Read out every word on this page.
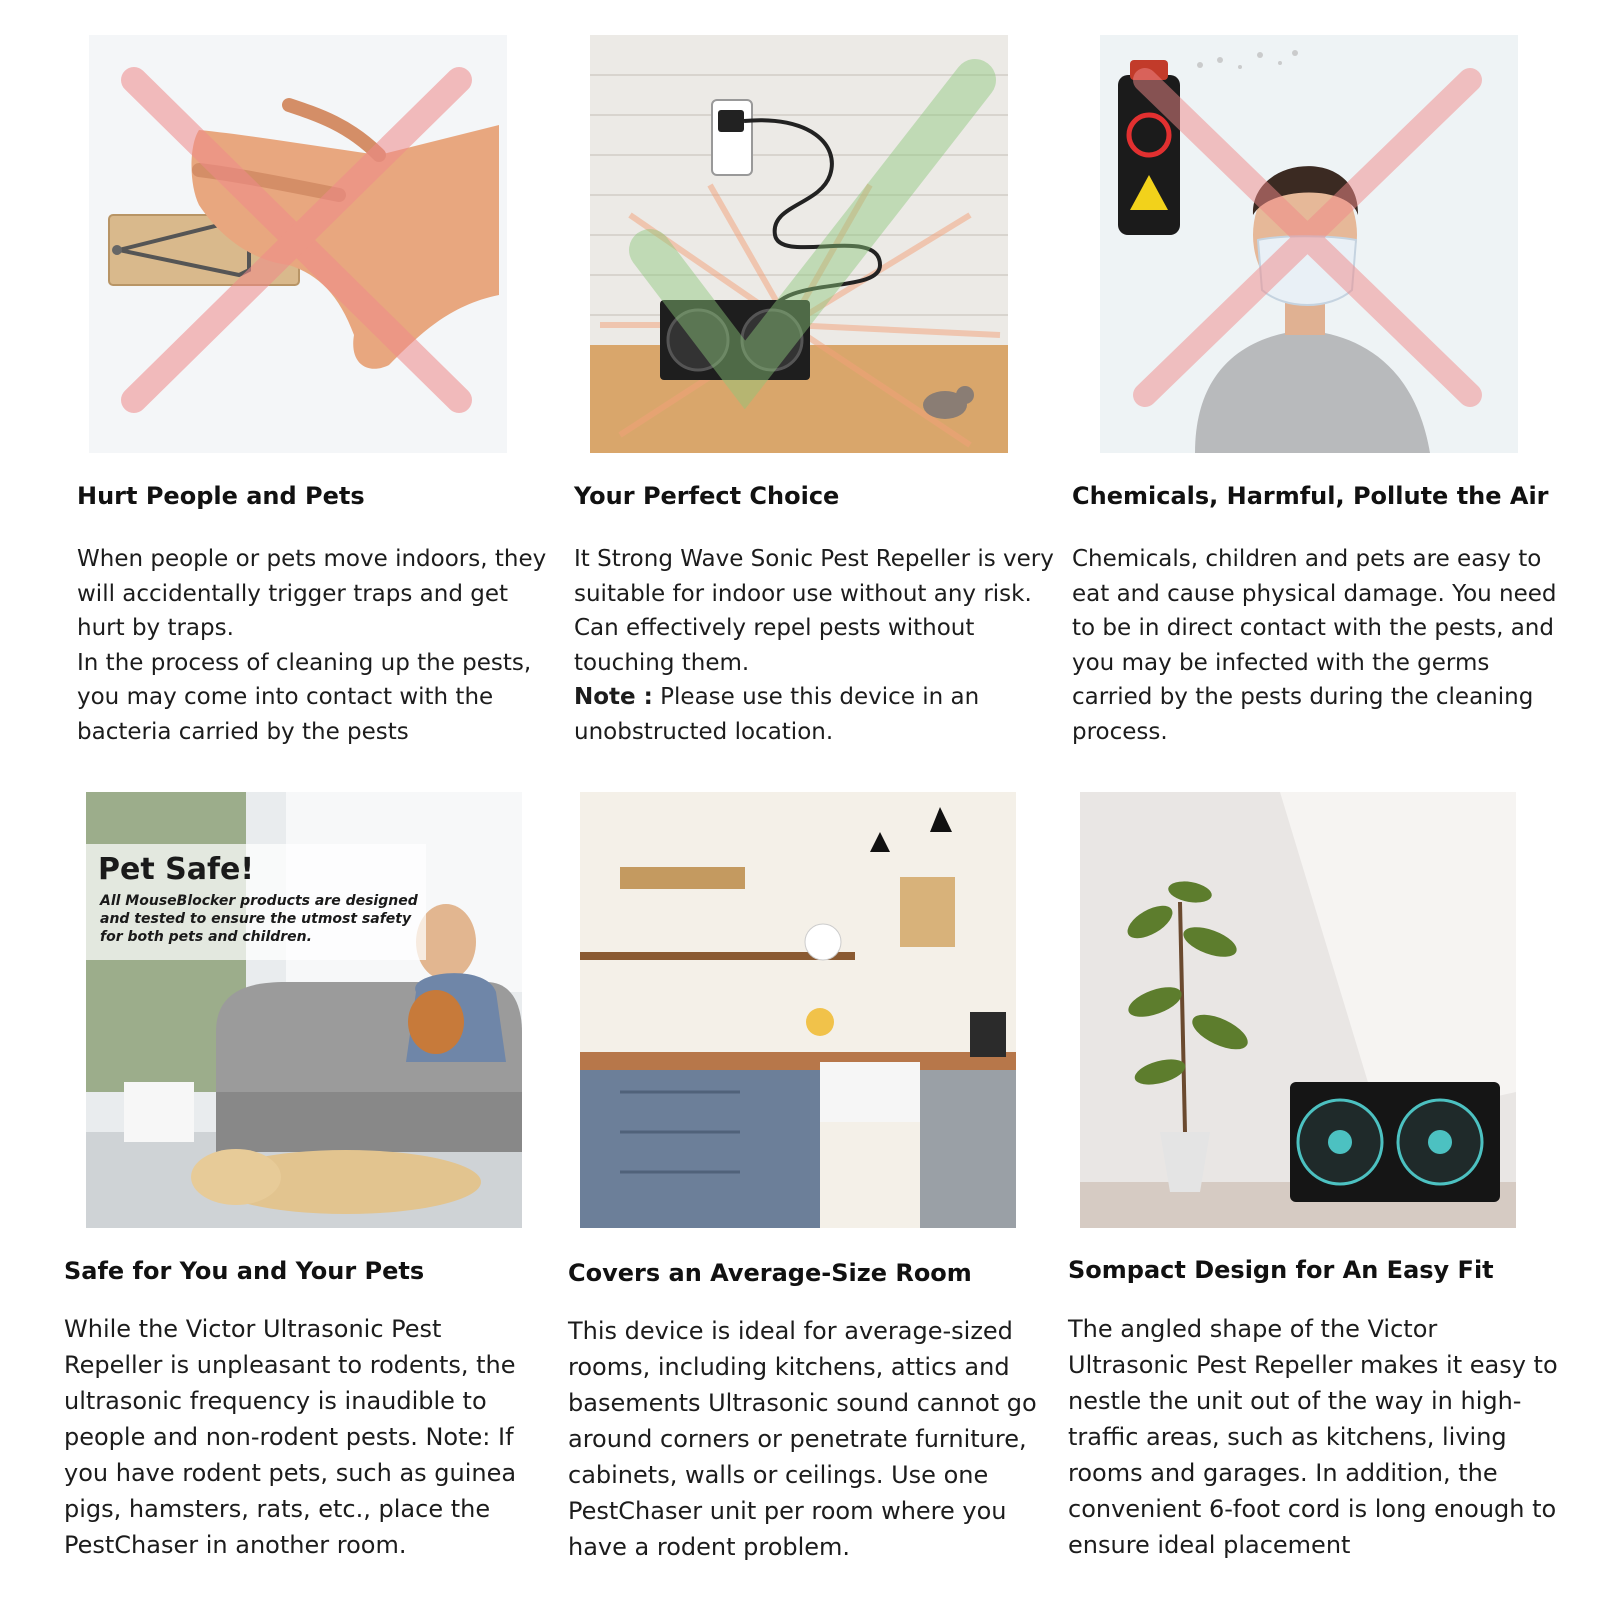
Hurt People and Pets
When people or pets move indoors, they will accidentally trigger traps and get hurt by traps.
In the process of cleaning up the pests, you may come into contact with the bacteria carried by the pests
Your Perfect Choice
It Strong Wave Sonic Pest Repeller is very suitable for indoor use without any risk. Can effectively repel pests without touching them.
Note : Please use this device in an unobstructed location.
Chemicals, Harmful, Pollute the Air
Chemicals, children and pets are easy to eat and cause physical damage. You need to be in direct contact with the pests, and you may be infected with the germs carried by the pests during the cleaning process.
Pet Safe!
All MouseBlocker products are designed and tested to ensure the utmost safety for both pets and children.
Safe for You and Your Pets
While the Victor Ultrasonic Pest Repeller is unpleasant to rodents, the ultrasonic frequency is inaudible to people and non-rodent pests. Note: If you have rodent pets, such as guinea pigs, hamsters, rats, etc., place the PestChaser in another room.
Covers an Average-Size Room
This device is ideal for average-sized rooms, including kitchens, attics and basements Ultrasonic sound cannot go around corners or penetrate furniture, cabinets, walls or ceilings. Use one PestChaser unit per room where you have a rodent problem.
Sompact Design for An Easy Fit
The angled shape of the Victor Ultrasonic Pest Repeller makes it easy to nestle the unit out of the way in high-traffic areas, such as kitchens, living rooms and garages. In addition, the convenient 6-foot cord is long enough to ensure ideal placement
